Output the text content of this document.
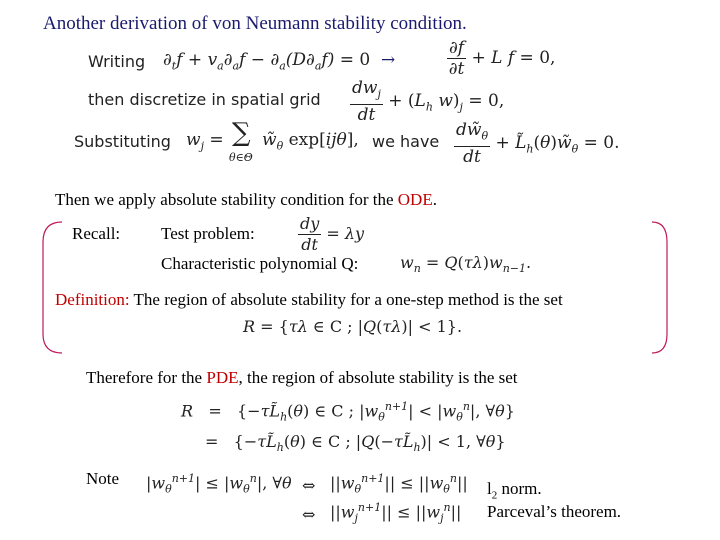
Another derivation of von Neumann stability condition.
Writing $\partial_tf + v_a\partial_af - \partial_a(D\partial_af) = 0$ →	$\frac{\partial f}{\partial t} + L$ f = 0,
then discretize in spatial grid $\frac{dw_j}{dt} + (L_h$ $w)_j = 0$,
Substituting $w_j$ = ∑
θ∈Θ
$w̃_\theta$ exp[ijθ], we have $\frac{dw̃_\theta}{dt}$ + $L̃_h(\theta)w̃_\theta = 0$.
Then we apply absolute stability condition for the ODE.
Recall: Test problem:	$\frac{dy}{dt} = \lambda y$
Characteristic polynomial Q:	$w_n = Q(\tau\lambda)w_{n-1}$.
Definition: The region of absolute stability for a one-step method is the set
R = {τλ ∈ C ; |Q(τλ)| < 1}.
Therefore for the PDE, the region of absolute stability is the set
$R = \{-\tau L̃_h(\theta)$ ∈ C ; $|w_\theta^{n+1}| < |w_\theta^n|$, ∀θ}
= {$-\tau L̃_h(\theta)$ ∈ C ; $|Q(-\tau L̃_h)| < 1$, ∀θ}
Note $|w_\theta^{n+1}| \le |w_\theta^n|$, ∀θ ⇔ $||w_\theta^{n+1}|| \le ||w_\theta^n||$
⇔ $||w_j^{n+1}|| \le ||w_j^n||$
$l_2$ norm.
Parceval’s theorem.
